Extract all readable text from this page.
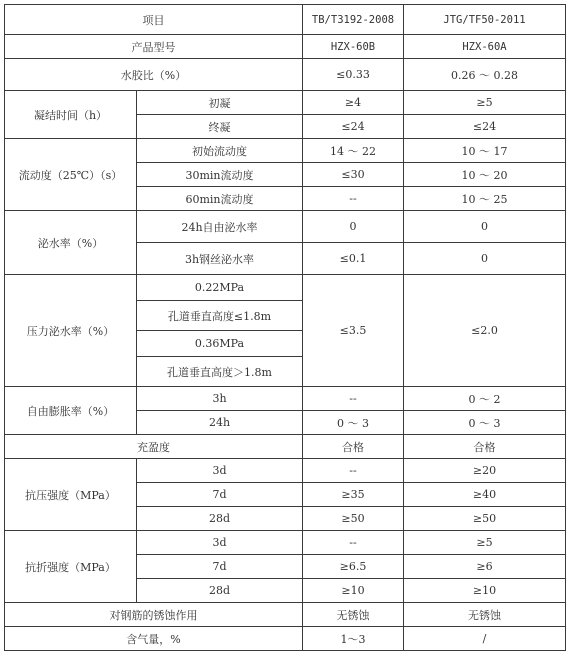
项目		TB/T3192-2008	JTG/TF50-2011
产品型号		HZX-60B	HZX-60A
水胶比（%）		≤0.33	0.26 ～ 0.28
凝结时间（h）	初凝	≥4	≥5
	终凝	≤24	≤24
流动度（25℃）（s）	初始流动度	14 ～ 22	10 ～ 17
	30min流动度	≤30	10 ～ 20
	60min流动度	--	10 ～ 25
泌水率（%）	24h自由泌水率	0	0
	3h钢丝泌水率	≤0.1	0
压力泌水率（%）	0.22MPa	≤3.5	≤2.0
	孔道垂直高度≤1.8m		
	0.36MPa		
	孔道垂直高度＞1.8m		
自由膨胀率（%）	3h	--	0 ～ 2
	24h	0 ～ 3	0 ～ 3
充盈度		合格	合格
抗压强度（MPa）	3d	--	≥20
	7d	≥35	≥40
	28d	≥50	≥50
抗折强度（MPa）	3d	--	≥5
	7d	≥6.5	≥6
	28d	≥10	≥10
对钢筋的锈蚀作用		无锈蚀	无锈蚀
含气量，%		1～3	/
